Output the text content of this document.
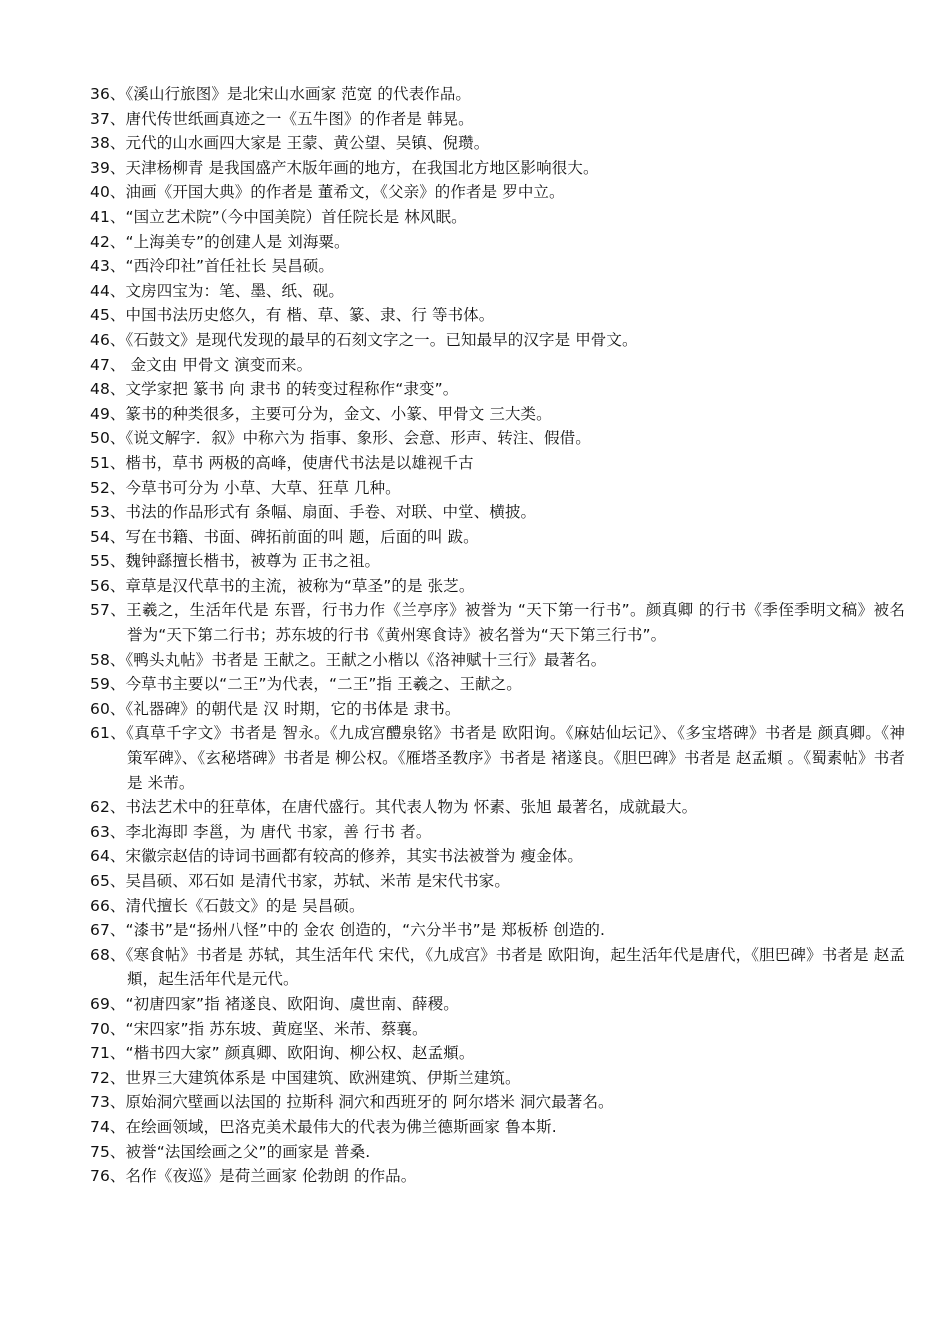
36、《溪山行旅图》是北宋山水画家 范宽 的代表作品。
37、唐代传世纸画真迹之一《五牛图》的作者是 韩晃。
38、元代的山水画四大家是 王蒙、黄公望、吴镇、倪瓒。
39、天津杨柳青 是我国盛产木版年画的地方，在我国北方地区影响很大。
40、油画《开国大典》的作者是 董希文，《父亲》的作者是 罗中立。
41、“国立艺术院”（今中国美院）首任院长是 林风眠。
42、“上海美专”的创建人是 刘海粟。
43、“西泠印社”首任社长 吴昌硕。
44、文房四宝为：笔、墨、纸、砚。
45、中国书法历史悠久，有 楷、草、篆、隶、行 等书体。
46、《石鼓文》是现代发现的最早的石刻文字之一。已知最早的汉字是 甲骨文。
47、 金文由 甲骨文 演变而来。
48、文学家把 篆书 向 隶书 的转变过程称作“隶变”。
49、篆书的种类很多，主要可分为，金文、小篆、甲骨文 三大类。
50、《说文解字．叙》中称六为 指事、象形、会意、形声、转注、假借。
51、楷书，草书 两极的高峰，使唐代书法是以雄视千古
52、今草书可分为 小草、大草、狂草 几种。
53、书法的作品形式有 条幅、扇面、手卷、对联、中堂、横披。
54、写在书籍、书面、碑拓前面的叫 题，后面的叫 跋。
55、魏钟繇擅长楷书，被尊为 正书之祖。
56、章草是汉代草书的主流，被称为“草圣”的是 张芝。
57、王羲之，生活年代是 东晋，行书力作《兰亭序》被誉为 “天下第一行书”。颜真卿 的行书《季侄季明文稿》被名誉为“天下第二行书；苏东坡的行书《黄州寒食诗》被名誉为“天下第三行书”。
58、《鸭头丸帖》书者是 王献之。王献之小楷以《洛神赋十三行》最著名。
59、今草书主要以“二王”为代表，“二王”指 王羲之、王献之。
60、《礼器碑》的朝代是 汉 时期，它的书体是 隶书。
61、《真草千字文》书者是 智永。《九成宫醴泉铭》书者是 欧阳询。《麻姑仙坛记》、《多宝塔碑》书者是 颜真卿。《神策军碑》、《玄秘塔碑》书者是 柳公权。《雁塔圣教序》书者是 褚遂良。《胆巴碑》书者是 赵孟頫 。《蜀素帖》书者是 米芾。
62、书法艺术中的狂草体，在唐代盛行。其代表人物为 怀素、张旭 最著名，成就最大。
63、李北海即 李邕，为 唐代 书家，善 行书 者。
64、宋徽宗赵佶的诗词书画都有较高的修养，其实书法被誉为 瘦金体。
65、吴昌硕、邓石如 是清代书家，苏轼、米芾 是宋代书家。
66、清代擅长《石鼓文》的是 吴昌硕。
67、“漆书”是“扬州八怪”中的 金农 创造的，“六分半书”是 郑板桥 创造的.
68、《寒食帖》书者是 苏轼，其生活年代 宋代，《九成宫》书者是 欧阳询，起生活年代是唐代，《胆巴碑》书者是 赵孟頫，起生活年代是元代。
69、“初唐四家”指 褚遂良、欧阳询、虞世南、薛稷。
70、“宋四家”指 苏东坡、黄庭坚、米芾、蔡襄。
71、“楷书四大家” 颜真卿、欧阳询、柳公权、赵孟頫。
72、世界三大建筑体系是 中国建筑、欧洲建筑、伊斯兰建筑。
73、原始洞穴壁画以法国的 拉斯科 洞穴和西班牙的 阿尔塔米 洞穴最著名。
74、在绘画领域，巴洛克美术最伟大的代表为佛兰德斯画家 鲁本斯.
75、被誉“法国绘画之父”的画家是 普桑.
76、名作《夜巡》是荷兰画家 伦勃朗 的作品。
